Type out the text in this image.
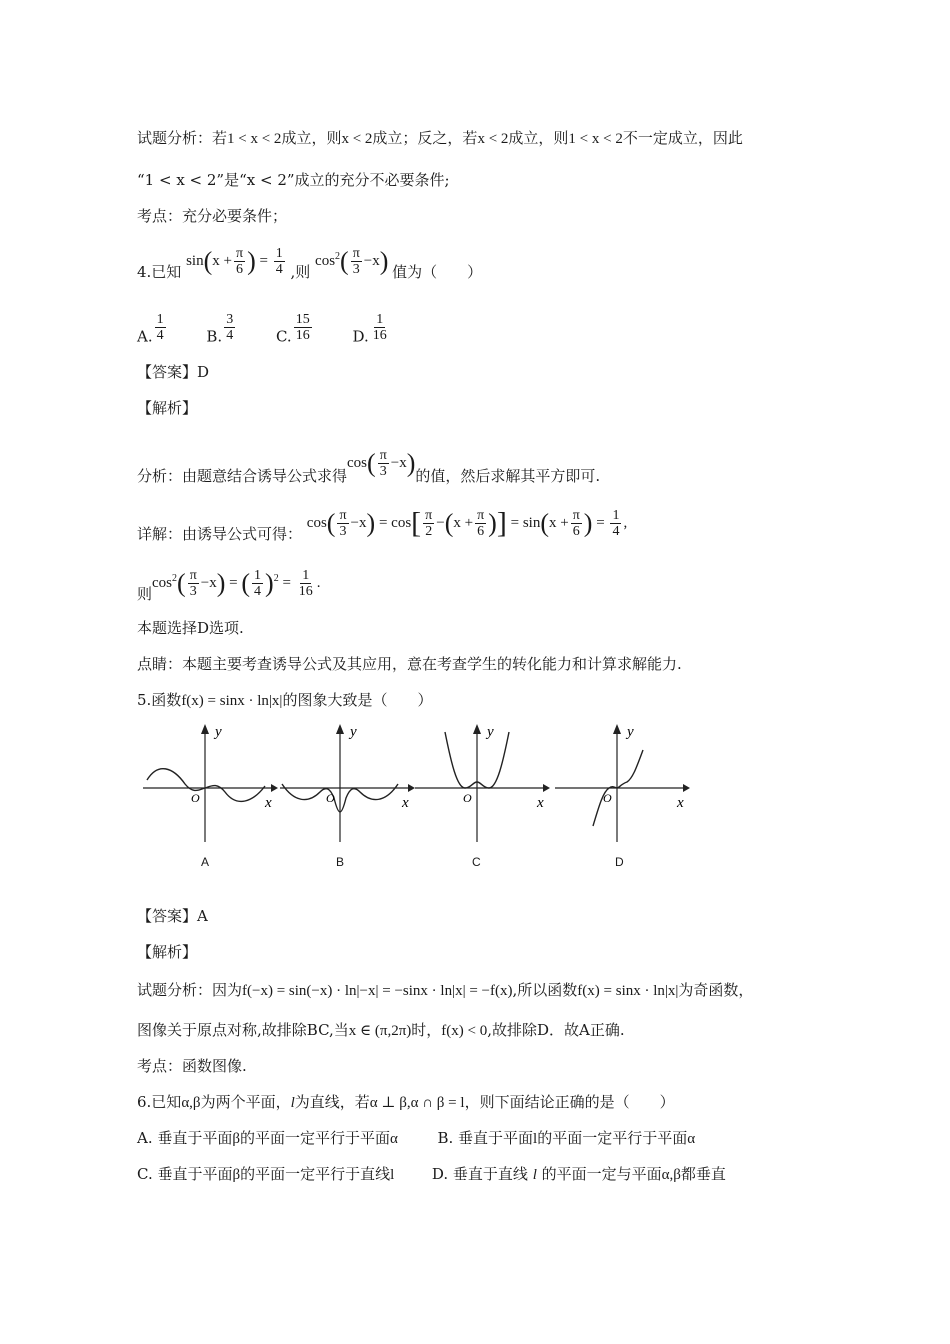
试题分析：若1 < x < 2成立，则x < 2成立；反之，若x < 2成立，则1 < x < 2不一定成立，因此
“1 < x < 2”是“x < 2”成立的充分不必要条件;
考点：充分必要条件；
4.已知 $\sin(x + \frac{\pi}{6}$ ) = $\frac{1}{4}$ ,则 $\cos^2( \frac{\pi}{3} -x)$ 值为（　　）
A. $\frac{1}{4}$	B. $\frac{3}{4}$	C. $\frac{15}{16}$	D. $\frac{1}{16}$
【答案】D
【解析】
分析：由题意结合诱导公式求得$\cos( \frac{\pi}{3} -x)$的值，然后求解其平方即可.
详解：由诱导公式可得： $\cos( \frac{\pi}{3} -x) = \cos[ \frac{\pi}{2} -(x + \frac{\pi}{6}$ )] = $\sin(x + \frac{\pi}{6}$ ) = $\frac{1}{4}$ ,
则$\cos^2( \frac{\pi}{3} -x)$ = ( $\frac{1}{4} )^2 = \frac{1}{16}$ .
本题选择D选项.
点睛：本题主要考查诱导公式及其应用，意在考查学生的转化能力和计算求解能力.
5.函数f(x) = sinx · ln|x|的图象大致是（　　）
y
x
O
y
x
O
y
x
O
y
x
O
A	B	C	D
【答案】A
【解析】
试题分析：因为f(−x) = sin(−x) · ln|−x| = −sinx · ln|x| = −f(x),所以函数f(x) = sinx · ln|x|为奇函数，
图像关于原点对称,故排除BC,当x ∈ (π,2π)时，f(x) < 0,故排除D．故A正确.
考点：函数图像.
6.已知α,β为两个平面，l为直线，若α ⊥ β,α ∩ β = l，则下面结论正确的是（　　）
A. 垂直于平面β的平面一定平行于平面α	B. 垂直于平面l的平面一定平行于平面α
C. 垂直于平面β的平面一定平行于直线l	D. 垂直于直线 l 的平面一定与平面α,β都垂直
